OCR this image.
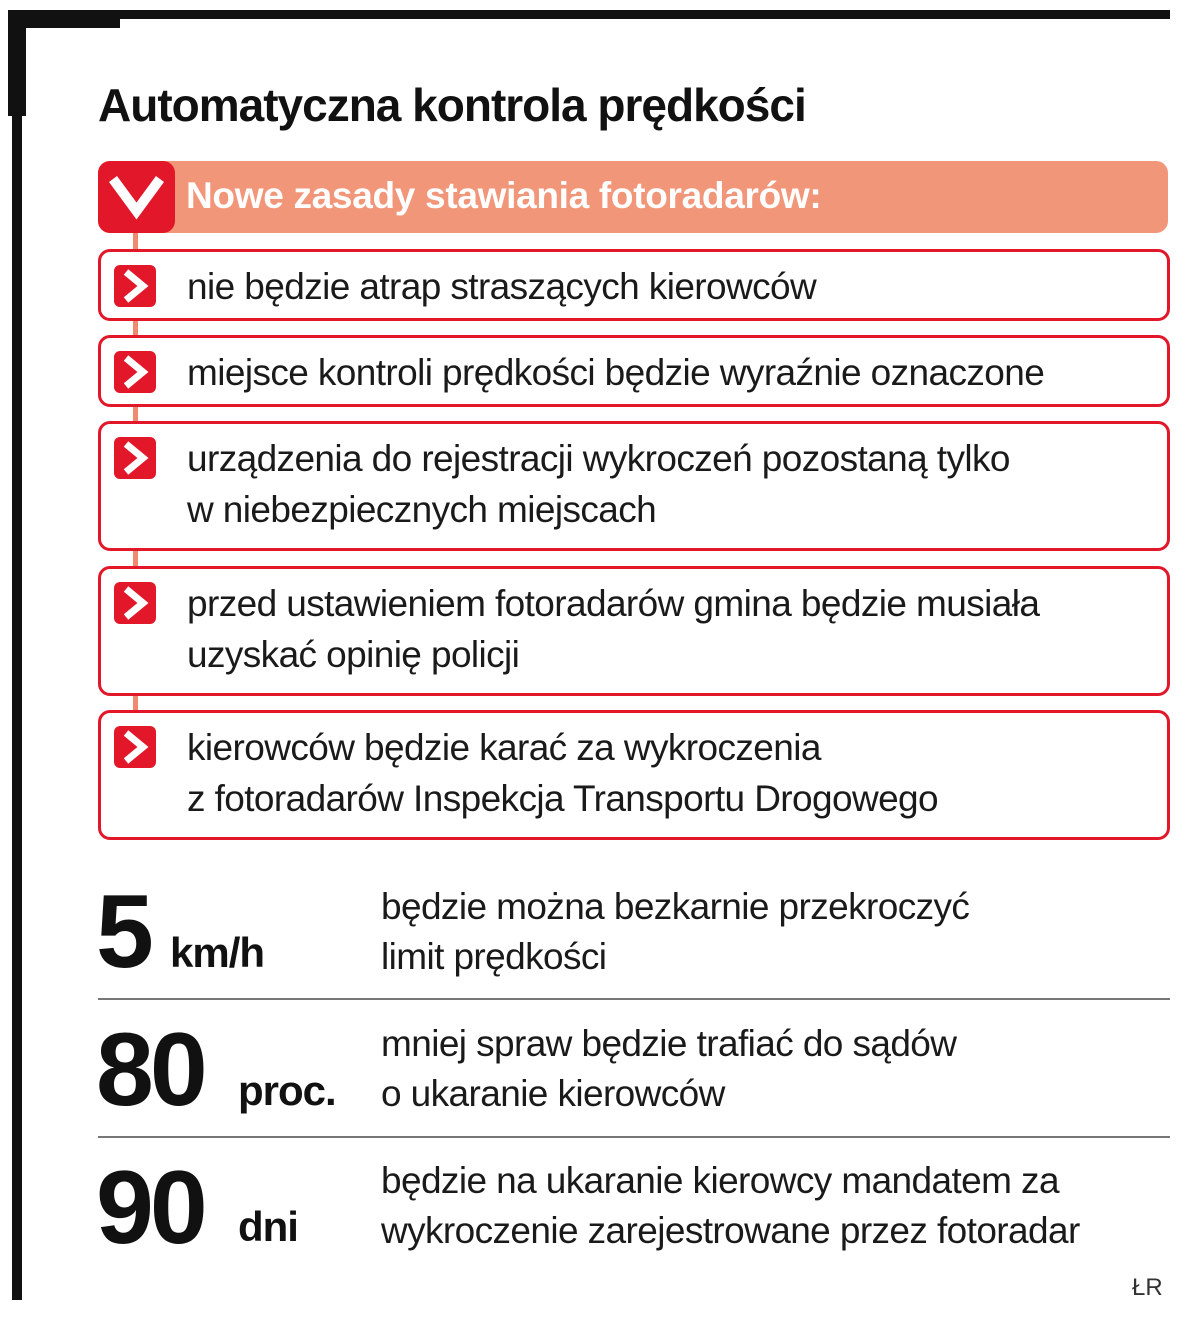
Automatyczna kontrola prędkości

Nowe zasady stawiania fotoradarów:

nie będzie atrap straszących kierowców

miejsce kontroli prędkości będzie wyraźnie oznaczone

urządzenia do rejestracji wykroczeń pozostaną tylko
w niebezpiecznych miejscach

przed ustawieniem fotoradarów gmina będzie musiała
uzyskać opinię policji

kierowców będzie karać za wykroczenia
z fotoradarów Inspekcja Transportu Drogowego

5 km/h

będzie można bezkarnie przekroczyć
limit prędkości

80 proc.

mniej spraw będzie trafiać do sądów
o ukaranie kierowców

90 dni

będzie na ukaranie kierowcy mandatem za
wykroczenie zarejestrowane przez fotoradar

ŁR
